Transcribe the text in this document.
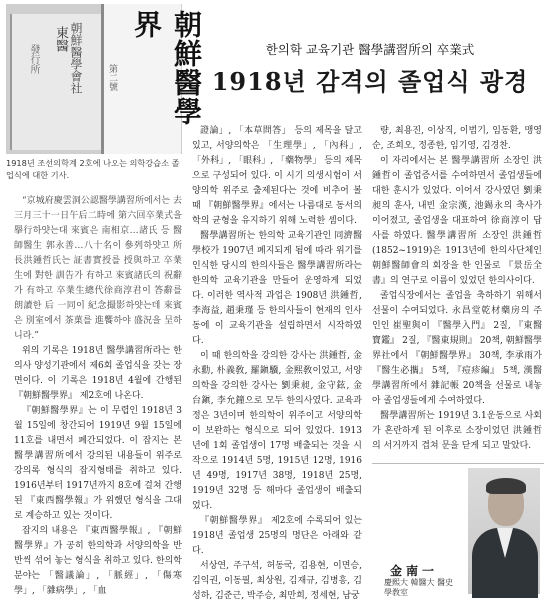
朝鮮醫學界
東醫 朝鮮醫學會社
發行所
第二號
1918년 조선의학계 2호에 나오는 의학강습소 졸업식에 대한 기사.
한의학 교육기관 醫學講習所의 卒業式
1918년 감격의 졸업식 광경

“京城府慶雲洞公認醫學講習所에서는 去 三月三十一日午后二時에 第六回卒業式을 擧行하얏는대 來賓은 南相京…諸氏 등 醫師醫生 郭永善…八十名이 參列하얏고 所長洪鍾哲氏는 証書實授를 授與하고 卒業生에 對한 訓告가 有하고 來賓諸氏의 祝辭가 有하고 卒業生總代徐商淳君이 答辭를 朗讀한 后 一同이 紀念撮影하얏는데 來賓은 別室에서 茶菓를 進饗하야 盛況을 呈하니라.”

위의 기록은 1918년 醫學講習所라는 한의사 양성기관에서 제6회 졸업식을 갖는 장면이다. 이 기록은 1918년 4월에 간행된 『朝鮮醫學界』 제2호에 나온다.

『朝鮮醫學界』는 이 무렵인 1918년 3월 15일에 창간되어 1919년 9월 15일에 11호를 내면서 폐간되었다. 이 잡지는 본 醫學講習所에서 강의된 내용들이 위주로 강의록 형식의 잡지형태를 취하고 있다. 1916년부터 1917년까지 8호에 걸쳐 간행된 『東西醫學報』가 위했던 형식을 그대로 계승하고 있는 것이다.

잡지의 내용은 『東西醫學報』, 『朝鮮醫學界』가 공히 한의학과 서양의학을 반반씩 섞어 놓는 형식을 취하고 있다. 한의학 분야는 「醫議論」, 「脈經」, 「傷寒學」, 「雜病學」, 「血

證論」, 「本草問答」 등의 제목을 달고 있고, 서양의학은 「生理學」, 「內科」, 「外科」, 「眼科」, 「藥物學」 등의 제목으로 구성되어 있다. 이 시기 의생시험이 서양의학 위주로 출제된다는 것에 비추어 볼 때 『朝鮮醫學界』에서는 나름대로 동서의학의 균형을 유지하기 위해 노력한 셈이다.

醫學講習所는 한의학 교육기관인 同濟醫學校가 1907년 폐지되게 됨에 따라 위기를 인식한 당시의 한의사들은 醫學講習所라는 한의학 교육기관을 만들어 운영하게 되었다. 이러한 역사적 과업은 1908년 洪鍾哲, 李海益, 趙秉瑾 등 한의사들이 현재의 인사동에 이 교육기관을 설립하면서 시작하였다.

이 때 한의학을 강의한 강사는 洪鍾哲, 金永勳, 朴義敎, 羅鎭驥, 金熙敎이었고, 서양의학을 강의한 강사는 劉秉昶, 金守鉉, 金台鎭, 李允鐘으로 모두 한의사였다. 교육과정은 3년이며 한의학이 위주이고 서양의학이 보완하는 형식으로 되어 있었다. 1913년에 1회 졸업생이 17명 배출되는 것을 시작으로 1914년 5명, 1915년 12명, 1916년 49명, 1917년 38명, 1918년 25명, 1919년 32명 등 해마다 졸업생이 배출되었다.

『朝鮮醫學界』 제2호에 수록되어 있는 1918년 졸업생 25명의 명단은 아래와 같다.

서상연, 주구석, 허동국, 김용현, 이면승, 김익권, 이동필, 최상원, 김재규, 김병흥, 김성하, 김준근, 박주승, 최만희, 정세현, 남궁

량, 최용진, 이상직, 이범기, 임동환, 맹영순, 조희오, 정종한, 임기영, 김경찬.

이 자리에서는 본 醫學講習所 소장인 洪鍾哲이 졸업증서를 수여하면서 졸업생들에 대한 훈시가 있었다. 이어서 강사였던 劉秉昶의 훈사, 내빈 金宗漢, 池錫永의 축사가 이어졌고, 졸업생을 대표하여 徐商淳이 답사를 하였다. 醫學講習所 소장인 洪鍾哲(1852~1919)은 1913년에 한의사단체인 朝鮮醫師會의 회장을 한 인물로 『景岳全書』의 연구로 이름이 있었던 한의사이다.

졸업식장에서는 졸업을 축하하기 위해서 선물이 수여되었다. 永昌堂乾材藥房의 주인인 崔聖與이 『醫學入門』 2질, 『東醫寶鑑』 2질, 『醫東規則』 20책, 朝鮮醫學界社에서 『朝鮮醫學界』 30책, 李承雨가 『醫生必攜』 5책, 『痘疹編』 5책, 漢醫學講習所에서 雜記帳 20책을 선물로 내놓아 졸업생들에게 수여하였다.

醫學講習所는 1919년 3.1운동으로 사회가 혼란하게 된 이후로 소장이었던 洪鍾哲의 서거까지 겹쳐 문을 닫게 되고 말았다.

金南一
慶熙大 韓醫大 醫史學敎室
